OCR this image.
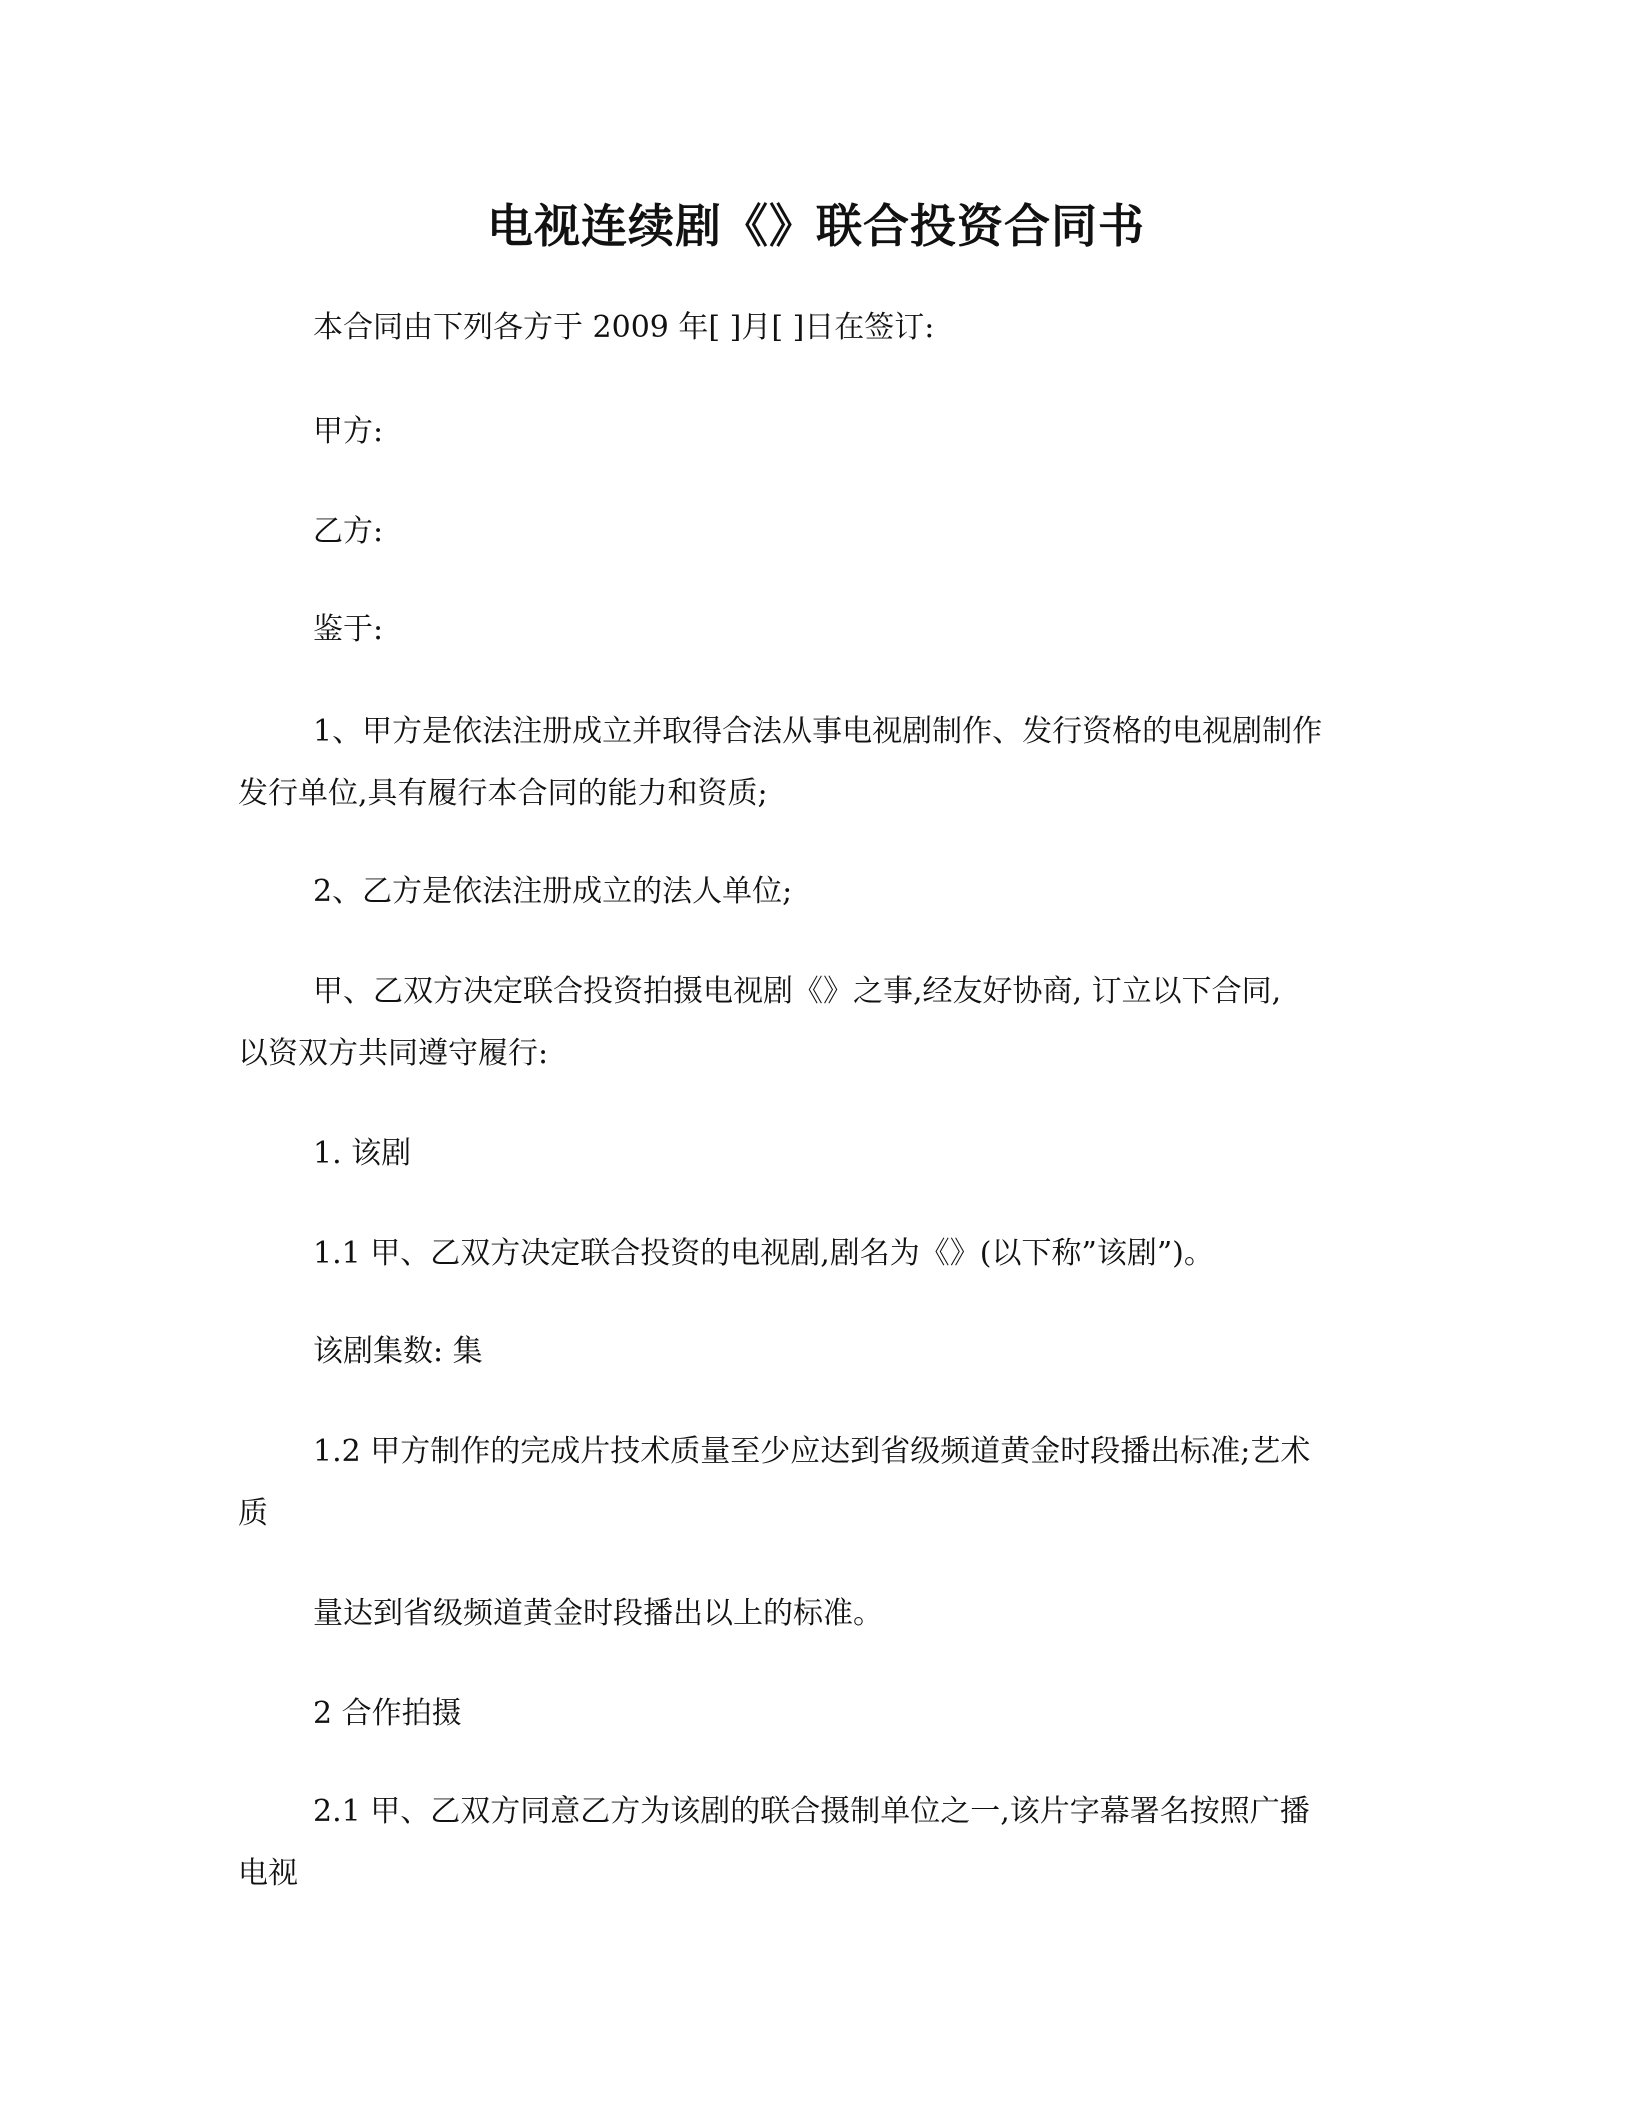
电视连续剧《》联合投资合同书

本合同由下列各方于 2009 年[ ]月[ ]日在签订:

甲方:

乙方:

鉴于:

1、甲方是依法注册成立并取得合法从事电视剧制作、发行资格的电视剧制作

发行单位,具有履行本合同的能力和资质;

2、乙方是依法注册成立的法人单位;

甲、乙双方决定联合投资拍摄电视剧《》之事,经友好协商, 订立以下合同,

以资双方共同遵守履行:

1. 该剧

1.1 甲、乙双方决定联合投资的电视剧,剧名为《》(以下称”该剧”)。

该剧集数: 集

1.2 甲方制作的完成片技术质量至少应达到省级频道黄金时段播出标准;艺术

质

量达到省级频道黄金时段播出以上的标准。

2 合作拍摄

2.1 甲、乙双方同意乙方为该剧的联合摄制单位之一,该片字幕署名按照广播

电视
